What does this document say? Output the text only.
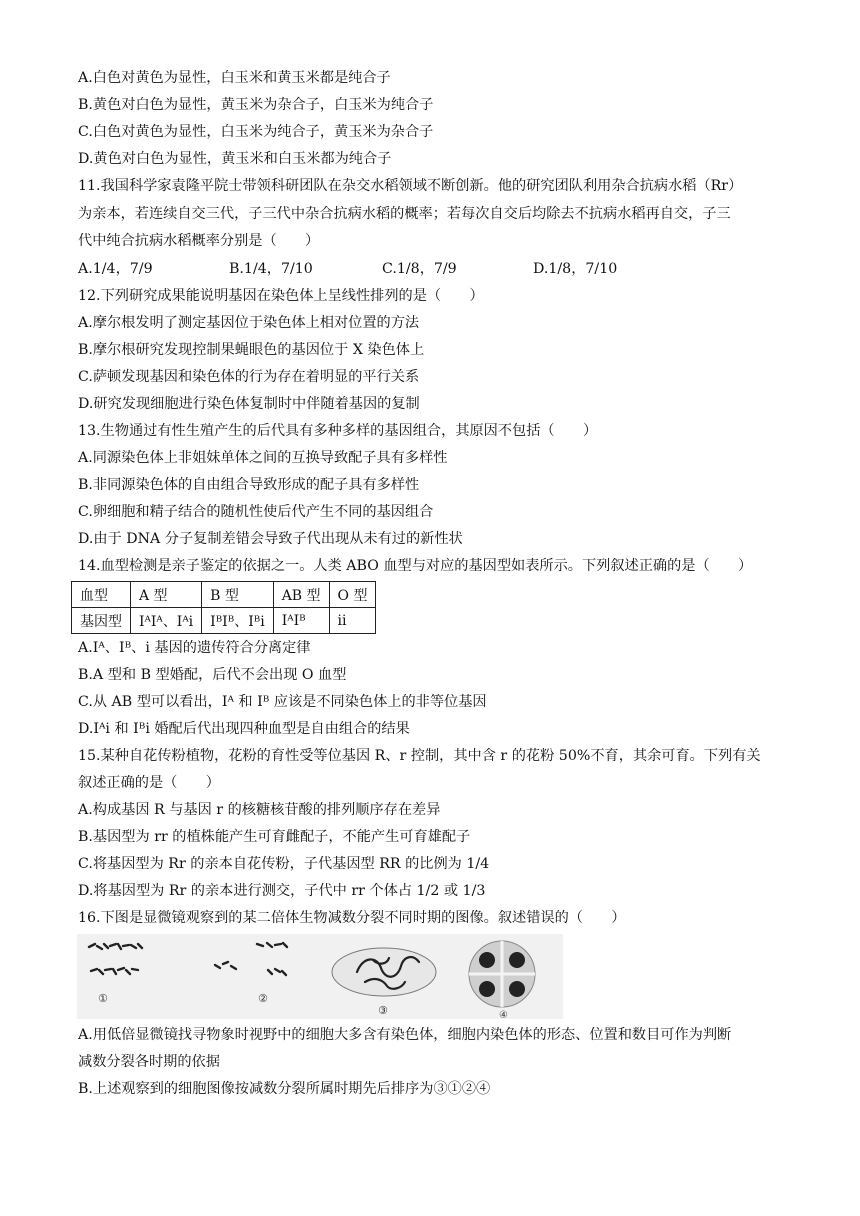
A.白色对黄色为显性，白玉米和黄玉米都是纯合子
B.黄色对白色为显性，黄玉米为杂合子，白玉米为纯合子
C.白色对黄色为显性，白玉米为纯合子，黄玉米为杂合子
D.黄色对白色为显性，黄玉米和白玉米都为纯合子
11.我国科学家袁隆平院士带领科研团队在杂交水稻领域不断创新。他的研究团队利用杂合抗病水稻（Rr）
为亲本，若连续自交三代，子三代中杂合抗病水稻的概率；若每次自交后均除去不抗病水稻再自交，子三
代中纯合抗病水稻概率分别是（　　）
A.1/4，7/9	B.1/4，7/10	C.1/8，7/9	D.1/8，7/10
12.下列研究成果能说明基因在染色体上呈线性排列的是（　　）
A.摩尔根发明了测定基因位于染色体上相对位置的方法
B.摩尔根研究发现控制果蝇眼色的基因位于 X 染色体上
C.萨顿发现基因和染色体的行为存在着明显的平行关系
D.研究发现细胞进行染色体复制时中伴随着基因的复制
13.生物通过有性生殖产生的后代具有多种多样的基因组合，其原因不包括（　　）
A.同源染色体上非姐妹单体之间的互换导致配子具有多样性
B.非同源染色体的自由组合导致形成的配子具有多样性
C.卵细胞和精子结合的随机性使后代产生不同的基因组合
D.由于 DNA 分子复制差错会导致子代出现从未有过的新性状
14.血型检测是亲子鉴定的依据之一。人类 ABO 血型与对应的基因型如表所示。下列叙述正确的是（　　）
血型	A 型	B 型	AB 型	O 型
基因型	IᴬIᴬ、Iᴬi	IᴮIᴮ、Iᴮi	IᴬIᴮ	ii
A.Iᴬ、Iᴮ、i 基因的遗传符合分离定律
B.A 型和 B 型婚配，后代不会出现 O 血型
C.从 AB 型可以看出，Iᴬ 和 Iᴮ 应该是不同染色体上的非等位基因
D.Iᴬi 和 Iᴮi 婚配后代出现四种血型是自由组合的结果
15.某种自花传粉植物，花粉的育性受等位基因 R、r 控制，其中含 r 的花粉 50%不育，其余可育。下列有关
叙述正确的是（　　）
A.构成基因 R 与基因 r 的核糖核苷酸的排列顺序存在差异
B.基因型为 rr 的植株能产生可育雌配子，不能产生可育雄配子
C.将基因型为 Rr 的亲本自花传粉，子代基因型 RR 的比例为 1/4
D.将基因型为 Rr 的亲本进行测交，子代中 rr 个体占 1/2 或 1/3
16.下图是显微镜观察到的某二倍体生物减数分裂不同时期的图像。叙述错误的（　　）
①	②
③	④
A.用低倍显微镜找寻物象时视野中的细胞大多含有染色体，细胞内染色体的形态、位置和数目可作为判断
减数分裂各时期的依据
B.上述观察到的细胞图像按减数分裂所属时期先后排序为③①②④
